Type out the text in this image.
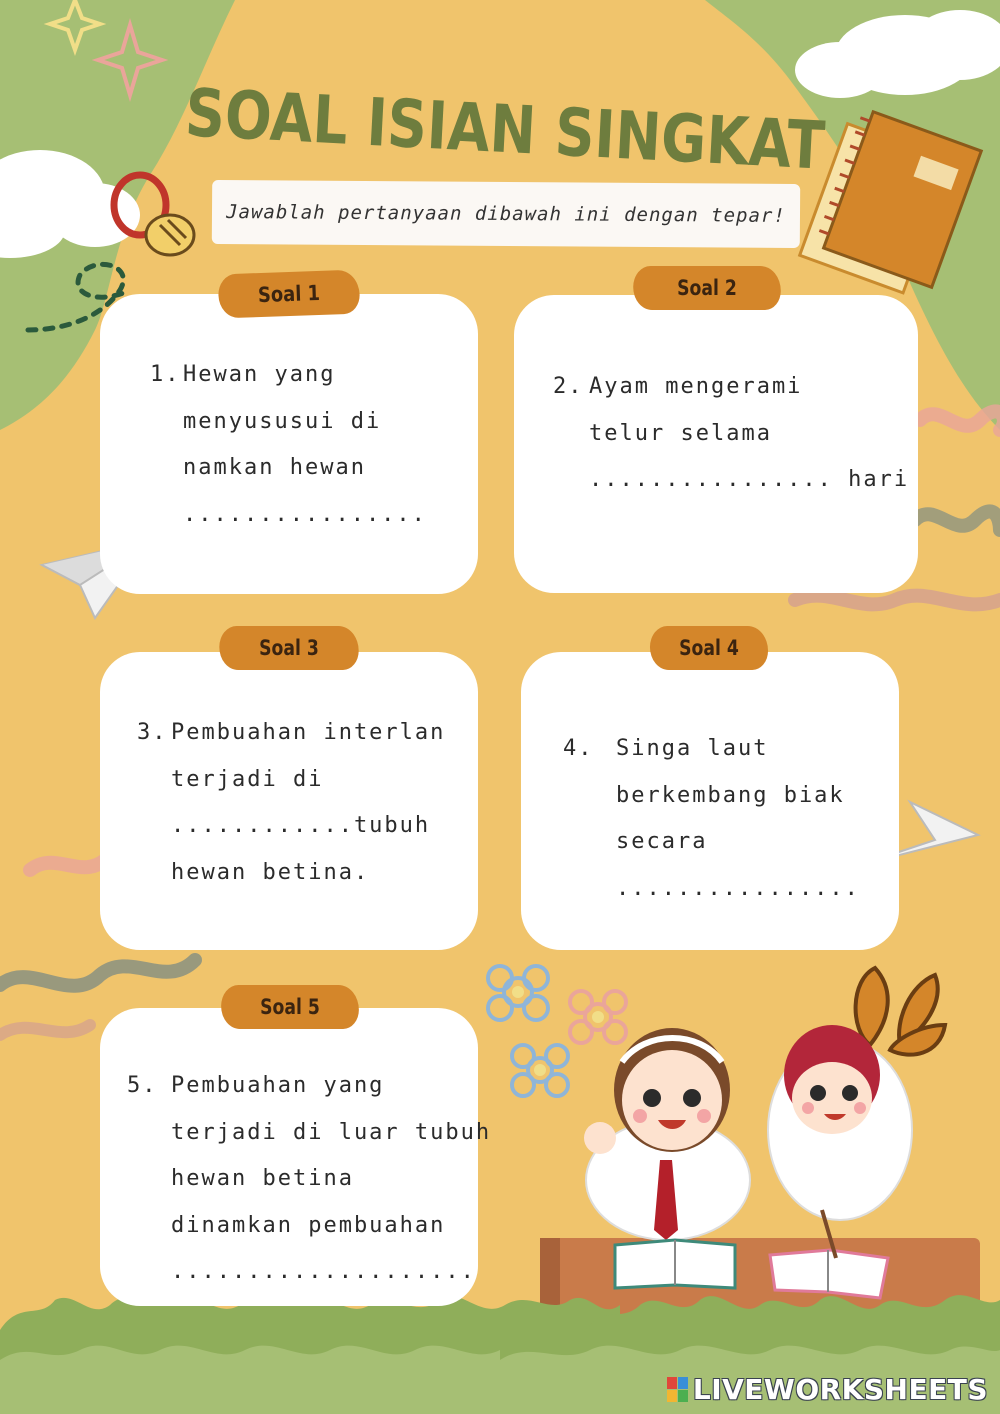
SOAL ISIAN SINGKAT
Jawablah pertanyaan dibawah ini dengan tepar!
Soal 1
1. Hewan yang
menyususui di
namkan hewan
................
Soal 2
2. Ayam mengerami
telur selama
................ hari
Soal 3
3. Pembuahan interlan
terjadi di
............tubuh
hewan betina.
Soal 4
4. Singa laut
berkembang biak
secara
................
Soal 5
5. Pembuahan yang
terjadi di luar tubuh
hewan betina
dinamkan pembuahan
....................
LIVEWORKSHEETS
